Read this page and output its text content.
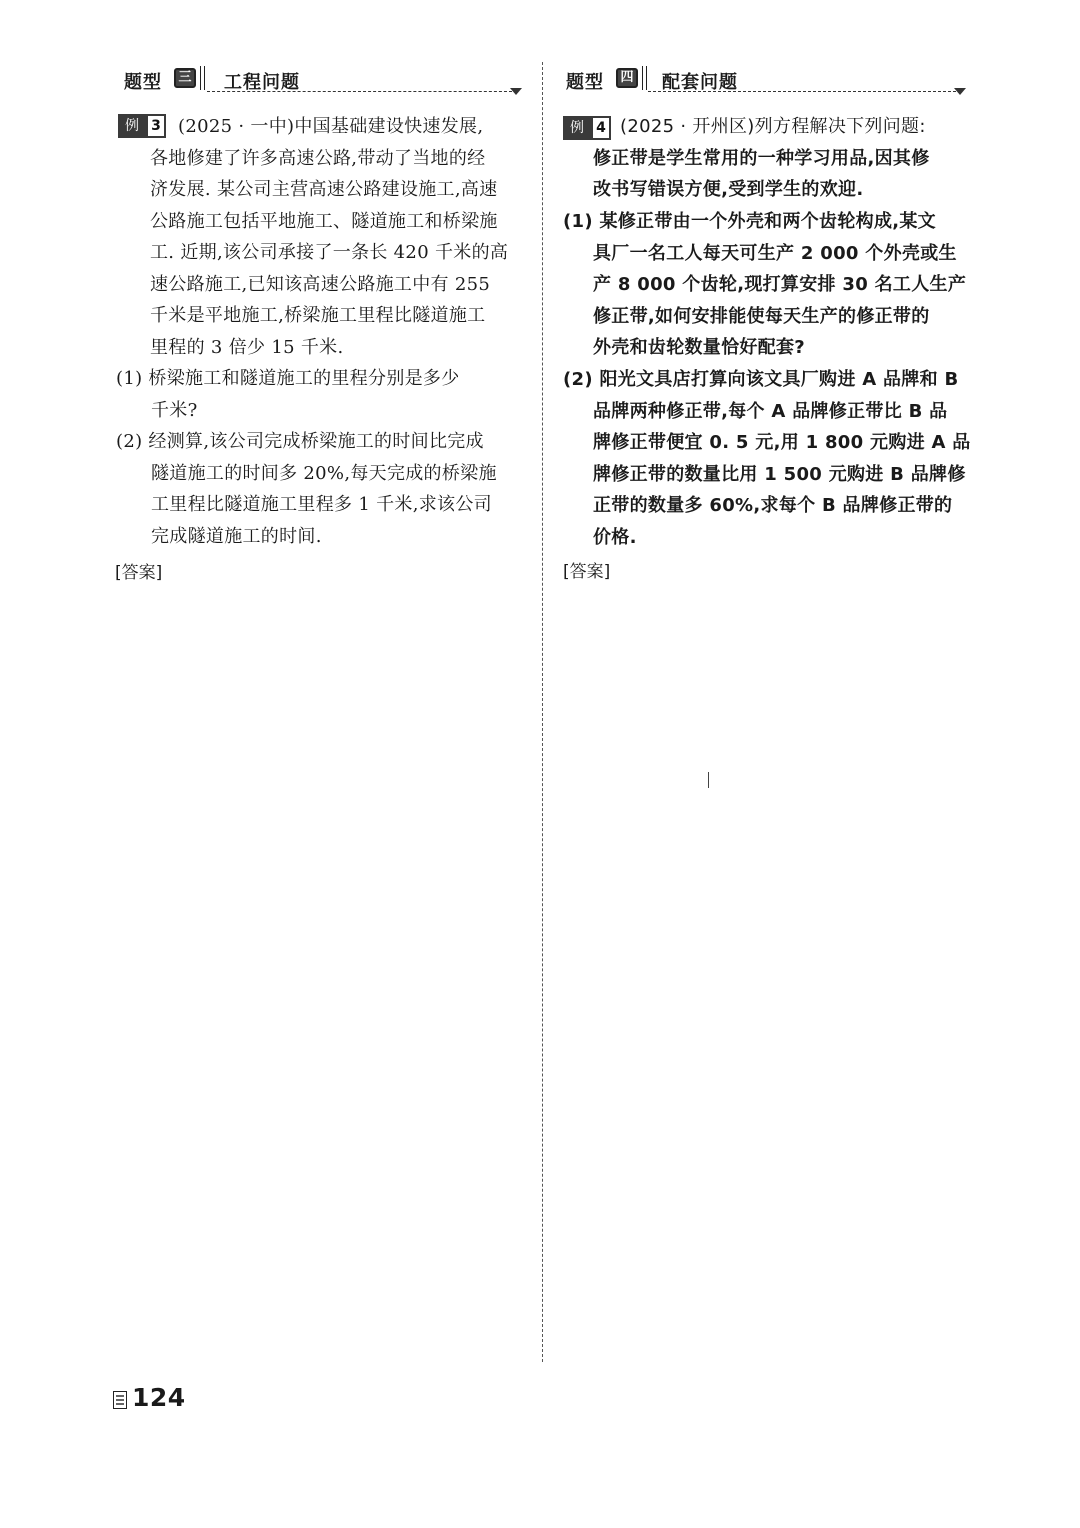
题型	三 工程问题
例 3 (2025 · 一中)中国基础建设快速发展,
各地修建了许多高速公路,带动了当地的经
济发展. 某公司主营高速公路建设施工,高速
公路施工包括平地施工、隧道施工和桥梁施
工. 近期,该公司承接了一条长 420 千米的高
速公路施工,已知该高速公路施工中有 255
千米是平地施工,桥梁施工里程比隧道施工
里程的 3 倍少 15 千米.
(1) 桥梁施工和隧道施工的里程分别是多少
千米?
(2) 经测算,该公司完成桥梁施工的时间比完成
隧道施工的时间多 20%,每天完成的桥梁施
工里程比隧道施工里程多 1 千米,求该公司
完成隧道施工的时间.
[答案]
题型	四 配套问题
例 4 (2025 · 开州区)列方程解决下列问题:
修正带是学生常用的一种学习用品,因其修
改书写错误方便,受到学生的欢迎.
(1) 某修正带由一个外壳和两个齿轮构成,某文
具厂一名工人每天可生产 2 000 个外壳或生
产 8 000 个齿轮,现打算安排 30 名工人生产
修正带,如何安排能使每天生产的修正带的
外壳和齿轮数量恰好配套?
(2) 阳光文具店打算向该文具厂购进 A 品牌和 B
品牌两种修正带,每个 A 品牌修正带比 B 品
牌修正带便宜 0. 5 元,用 1 800 元购进 A 品
牌修正带的数量比用 1 500 元购进 B 品牌修
正带的数量多 60%,求每个 B 品牌修正带的
价格.
[答案]
124
